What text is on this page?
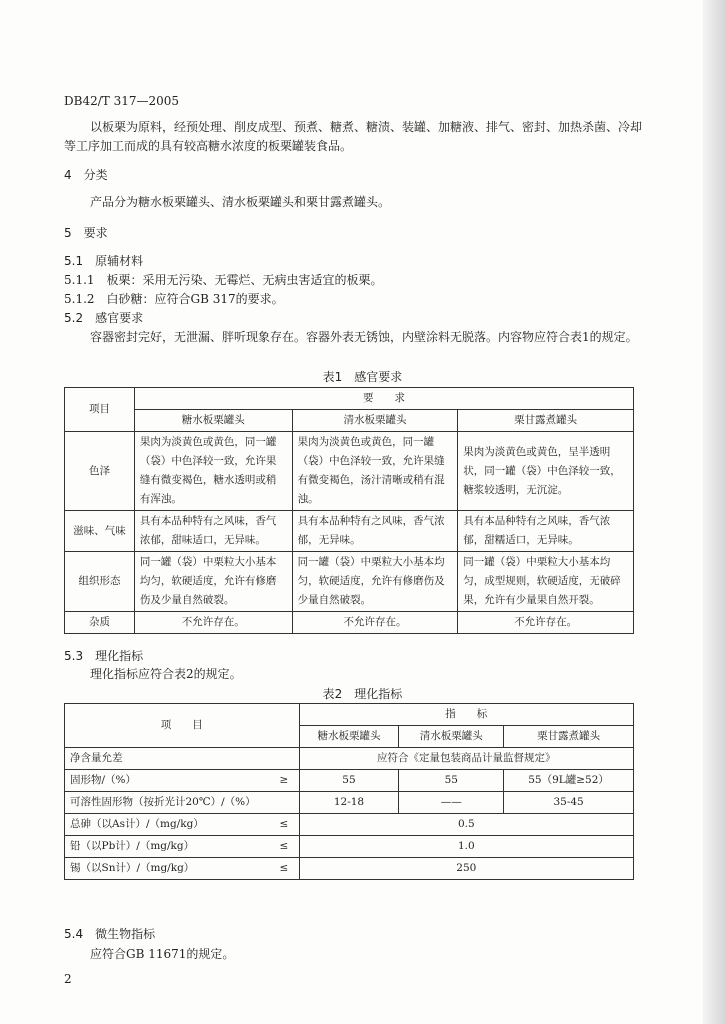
DB42/T 317—2005
以板栗为原料，经预处理、削皮成型、预煮、糖煮、糖渍、装罐、加糖液、排气、密封、加热杀菌、冷却等工序加工而成的具有较高糖水浓度的板栗罐装食品。
4　分类
产品分为糖水板栗罐头、清水板栗罐头和栗甘露煮罐头。
5　要求
5.1　原辅材料
5.1.1　板栗：采用无污染、无霉烂、无病虫害适宜的板栗。
5.1.2　白砂糖：应符合GB 317的要求。
5.2　感官要求
容器密封完好，无泄漏、胖听现象存在。容器外表无锈蚀，内壁涂料无脱落。内容物应符合表1的规定。
表1　感官要求
项目	要　　求		
	糖水板栗罐头	清水板栗罐头	栗甘露煮罐头
色泽	果肉为淡黄色或黄色，同一罐（袋）中色泽较一致，允许果缝有微变褐色，糖水透明或稍有浑浊。	果肉为淡黄色或黄色，同一罐（袋）中色泽较一致，允许果缝有微变褐色，汤汁清晰或稍有混浊。	果肉为淡黄色或黄色，呈半透明状，同一罐（袋）中色泽较一致，糖浆较透明，无沉淀。
滋味、气味	具有本品种特有之风味，香气浓郁，甜味适口，无异味。	具有本品种特有之风味，香气浓郁，无异味。	具有本品种特有之风味，香气浓郁，甜糯适口，无异味。
组织形态	同一罐（袋）中栗粒大小基本均匀，软硬适度，允许有修磨伤及少量自然破裂。	同一罐（袋）中栗粒大小基本均匀，软硬适度，允许有修磨伤及少量自然破裂。	同一罐（袋）中栗粒大小基本均匀，成型规则，软硬适度，无破碎果，允许有少量果自然开裂。
杂质	不允许存在。	不允许存在。	不允许存在。
5.3　理化指标
理化指标应符合表2的规定。
表2　理化指标
项　　目		指　　标		
		糖水板栗罐头	清水板栗罐头	栗甘露煮罐头
净含量允差		应符合《定量包装商品计量监督规定》		
固形物/（%）	≥	55	55	55（9L罐≥52）
可溶性固形物（按折光计20℃）/（%）		12-18	——	35-45
总砷（以As计）/（mg/kg）	≤	0.5		
铅（以Pb计）/（mg/kg）	≤	1.0		
锡（以Sn计）/（mg/kg）	≤	250		
5.4　微生物指标
应符合GB 11671的规定。
2
